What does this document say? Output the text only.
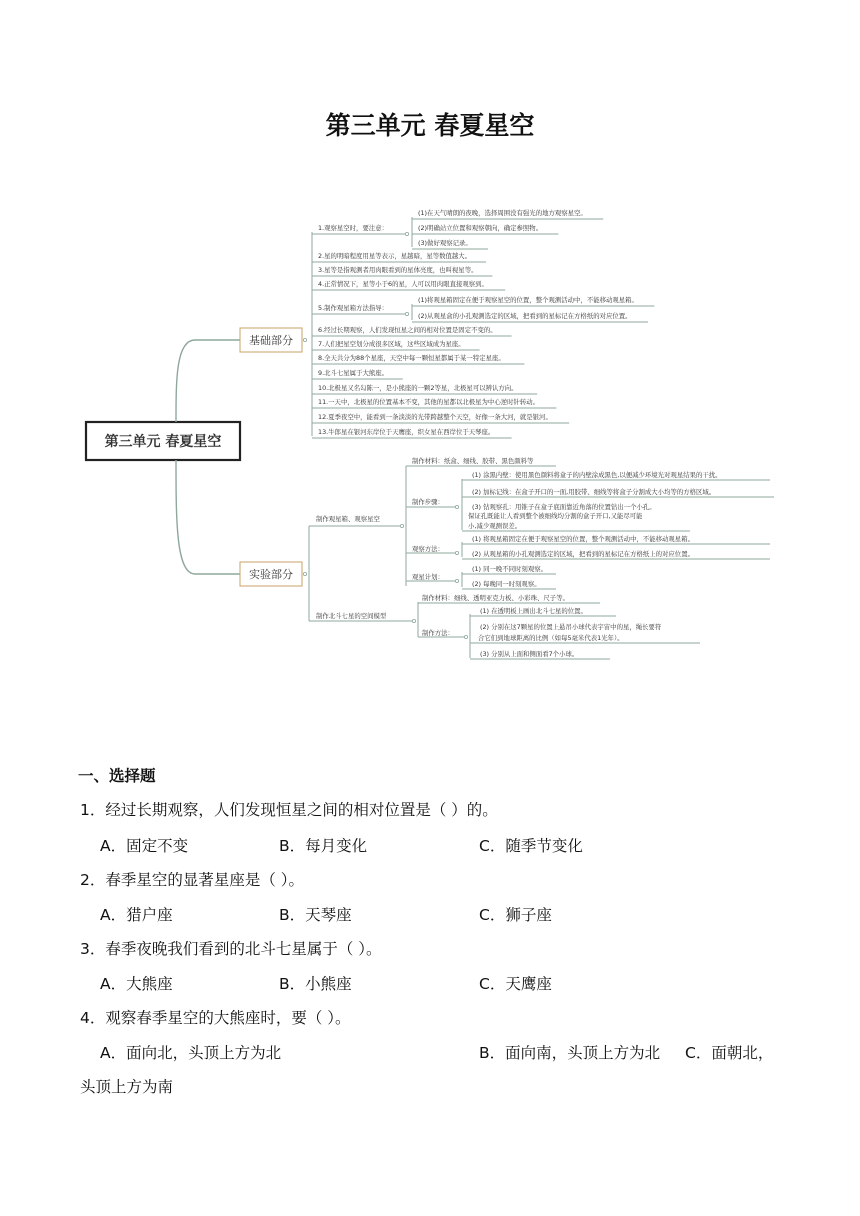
第三单元 春夏星空
第三单元 春夏星空
基础部分
实验部分
1.观察星空时，要注意：
(1)在天气晴朗的夜晚，选择周围没有强光的地方观察星空。
(2)明确站立位置和观察朝向，确定参照物。
(3)做好观察记录。
2.星的明暗程度用星等表示，星越暗，星等数值越大。
3.星等是指观测者用肉眼看到的星体亮度，也叫视星等。
4.正常情况下，星等小于6的星，人可以用肉眼直接观察到。
5.制作观星箱方法指导：
(1)将观星箱固定在便于观察星空的位置，整个观测活动中，不能移动观星箱。
(2)从观星盒的小孔观测选定的区域，把看到的星标记在方格纸的对应位置。
6.经过长期观察，人们发现恒星之间的相对位置是固定不变的。
7.人们把星空划分成很多区域，这些区域成为星座。
8.全天共分为88个星座，天空中每一颗恒星都属于某一特定星座。
9.北斗七星属于大熊座。
10.北极星又名勾陈一，是小熊座的一颗2等星，北极星可以辨认方向。
11.一天中，北极星的位置基本不变，其他的星都以北极星为中心逆时针转动。
12.夏季夜空中，能看到一条淡淡的光带跨越整个天空，好像一条大河，就是银河。
13.牛郎星在银河东岸位于天鹰座，织女星在西岸位于天琴座。
制作观星箱、观察星空
制作北斗七星的空间模型
制作材料：纸盒、细线、胶带、黑色颜料等
制作步骤：
(1) 涂黑内壁：使用黑色颜料将盒子的内壁涂成黑色,以便减少环境光对观星结果的干扰。
(2) 加标记线：在盒子开口的一面,用胶带、细线等将盒子分割成大小均等的方格区域。
(3) 钻观察孔：用锥子在盒子底面靠近角落的位置钻出一个小孔。
保证孔既能让人看到整个被细线均分割的盒子开口,又能尽可能
小,减少观测误差。
观察方法：
(1) 将观星箱固定在便于观察星空的位置，整个观测活动中，不能移动观星箱。
(2) 从观星箱的小孔观测选定的区域，把看到的星标记在方格纸上的对应位置。
观星计划：
(1) 同一晚不同时刻观察。
(2) 每晚同一时刻观察。
制作材料：细线、透明亚克力板、小彩珠、尺子等。
制作方法：
(1) 在透明板上画出北斗七星的位置。
(2) 分别在这7颗星的位置上悬吊小球代表宇宙中的星，绳长要符
合它们到地球距离的比例（如每5毫米代表1光年）。
(3) 分别从上面和侧面看7个小球。
一、选择题
1．经过长期观察，人们发现恒星之间的相对位置是（ ）的。
A．固定不变	B．每月变化	C．随季节变化
2．春季星空的显著星座是（ ）。
A．猎户座	B．天琴座	C．狮子座
3．春季夜晚我们看到的北斗七星属于（ ）。
A．大熊座	B．小熊座	C．天鹰座
4．观察春季星空的大熊座时，要（ ）。
A．面向北，头顶上方为北	B．面向南，头顶上方为北 C．面朝北，
头顶上方为南
